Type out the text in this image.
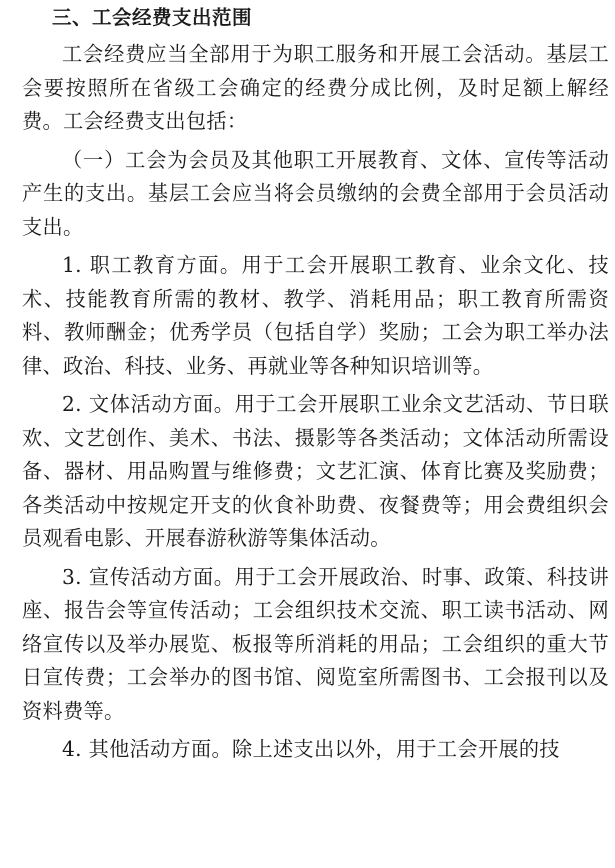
三、工会经费支出范围

工会经费应当全部用于为职工服务和开展工会活动。基层工会要按照所在省级工会确定的经费分成比例，及时足额上解经费。工会经费支出包括：

（一）工会为会员及其他职工开展教育、文体、宣传等活动产生的支出。基层工会应当将会员缴纳的会费全部用于会员活动支出。

1. 职工教育方面。用于工会开展职工教育、业余文化、技术、技能教育所需的教材、教学、消耗用品；职工教育所需资料、教师酬金；优秀学员（包括自学）奖励；工会为职工举办法律、政治、科技、业务、再就业等各种知识培训等。

2. 文体活动方面。用于工会开展职工业余文艺活动、节日联欢、文艺创作、美术、书法、摄影等各类活动；文体活动所需设备、器材、用品购置与维修费；文艺汇演、体育比赛及奖励费；各类活动中按规定开支的伙食补助费、夜餐费等；用会费组织会员观看电影、开展春游秋游等集体活动。

3. 宣传活动方面。用于工会开展政治、时事、政策、科技讲座、报告会等宣传活动；工会组织技术交流、职工读书活动、网络宣传以及举办展览、板报等所消耗的用品；工会组织的重大节日宣传费；工会举办的图书馆、阅览室所需图书、工会报刊以及资料费等。

4. 其他活动方面。除上述支出以外，用于工会开展的技
